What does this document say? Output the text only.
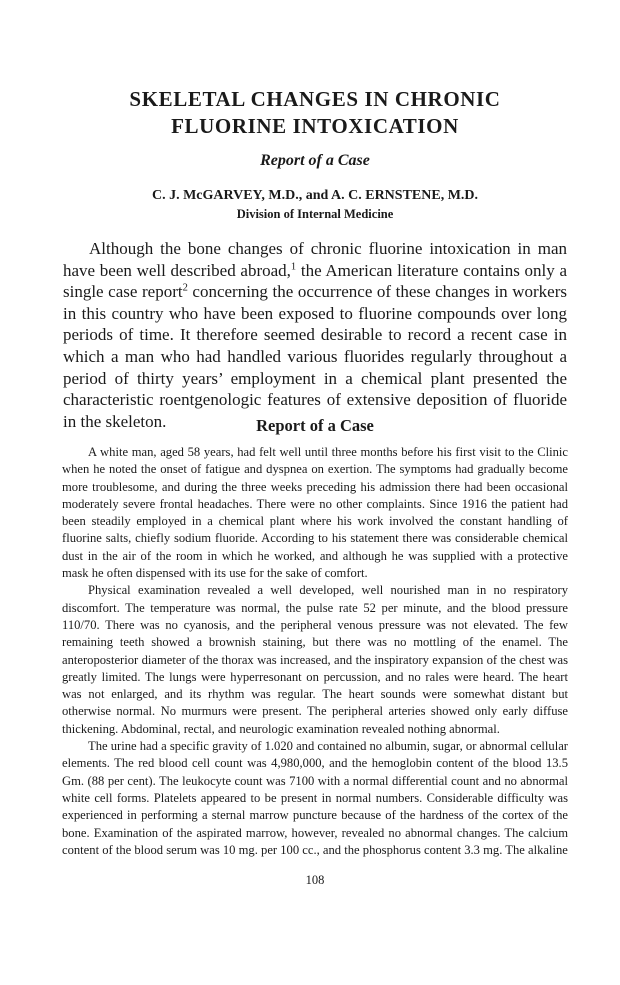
SKELETAL CHANGES IN CHRONIC
FLUORINE INTOXICATION
Report of a Case
C. J. McGARVEY, M.D., and A. C. ERNSTENE, M.D.
Division of Internal Medicine

Although the bone changes of chronic fluorine intoxication in man have been well described abroad,$^1$ the American literature contains only a single case report$^2$ concerning the occurrence of these changes in workers in this country who have been exposed to fluorine compounds over long periods of time. It therefore seemed desirable to record a recent case in which a man who had handled various fluorides regularly throughout a period of thirty years’ employment in a chemical plant presented the characteristic roentgenologic features of extensive deposition of fluoride in the skeleton.	Report of a Case

A white man, aged 58 years, had felt well until three months before his first visit to the Clinic when he noted the onset of fatigue and dyspnea on exertion. The symptoms had gradually become more troublesome, and during the three weeks preceding his admission there had been occasional moderately severe frontal headaches. There were no other complaints. Since 1916 the patient had been steadily employed in a chemical plant where his work involved the constant handling of fluorine salts, chiefly sodium fluoride. According to his statement there was considerable chemical dust in the air of the room in which he worked, and although he was supplied with a protective mask he often dispensed with its use for the sake of comfort.

Physical examination revealed a well developed, well nourished man in no respiratory discomfort. The temperature was normal, the pulse rate 52 per minute, and the blood pressure 110/70. There was no cyanosis, and the peripheral venous pressure was not elevated. The few remaining teeth showed a brownish staining, but there was no mottling of the enamel. The anteroposterior diameter of the thorax was increased, and the inspiratory expansion of the chest was greatly limited. The lungs were hyperresonant on percussion, and no rales were heard. The heart was not enlarged, and its rhythm was regular. The heart sounds were somewhat distant but otherwise normal. No murmurs were present. The peripheral arteries showed only early diffuse thickening. Abdominal, rectal, and neurologic examination revealed nothing abnormal.

The urine had a specific gravity of 1.020 and contained no albumin, sugar, or abnormal cellular elements. The red blood cell count was 4,980,000, and the hemoglobin content of the blood 13.5 Gm. (88 per cent). The leukocyte count was 7100 with a normal differential count and no abnormal white cell forms. Platelets appeared to be present in normal numbers. Considerable difficulty was experienced in performing a sternal marrow puncture because of the hardness of the cortex of the bone. Examination of the aspirated marrow, however, revealed no abnormal changes. The calcium content of the blood serum was 10 mg. per 100 cc., and the phosphorus content 3.3 mg. The alkaline

108
